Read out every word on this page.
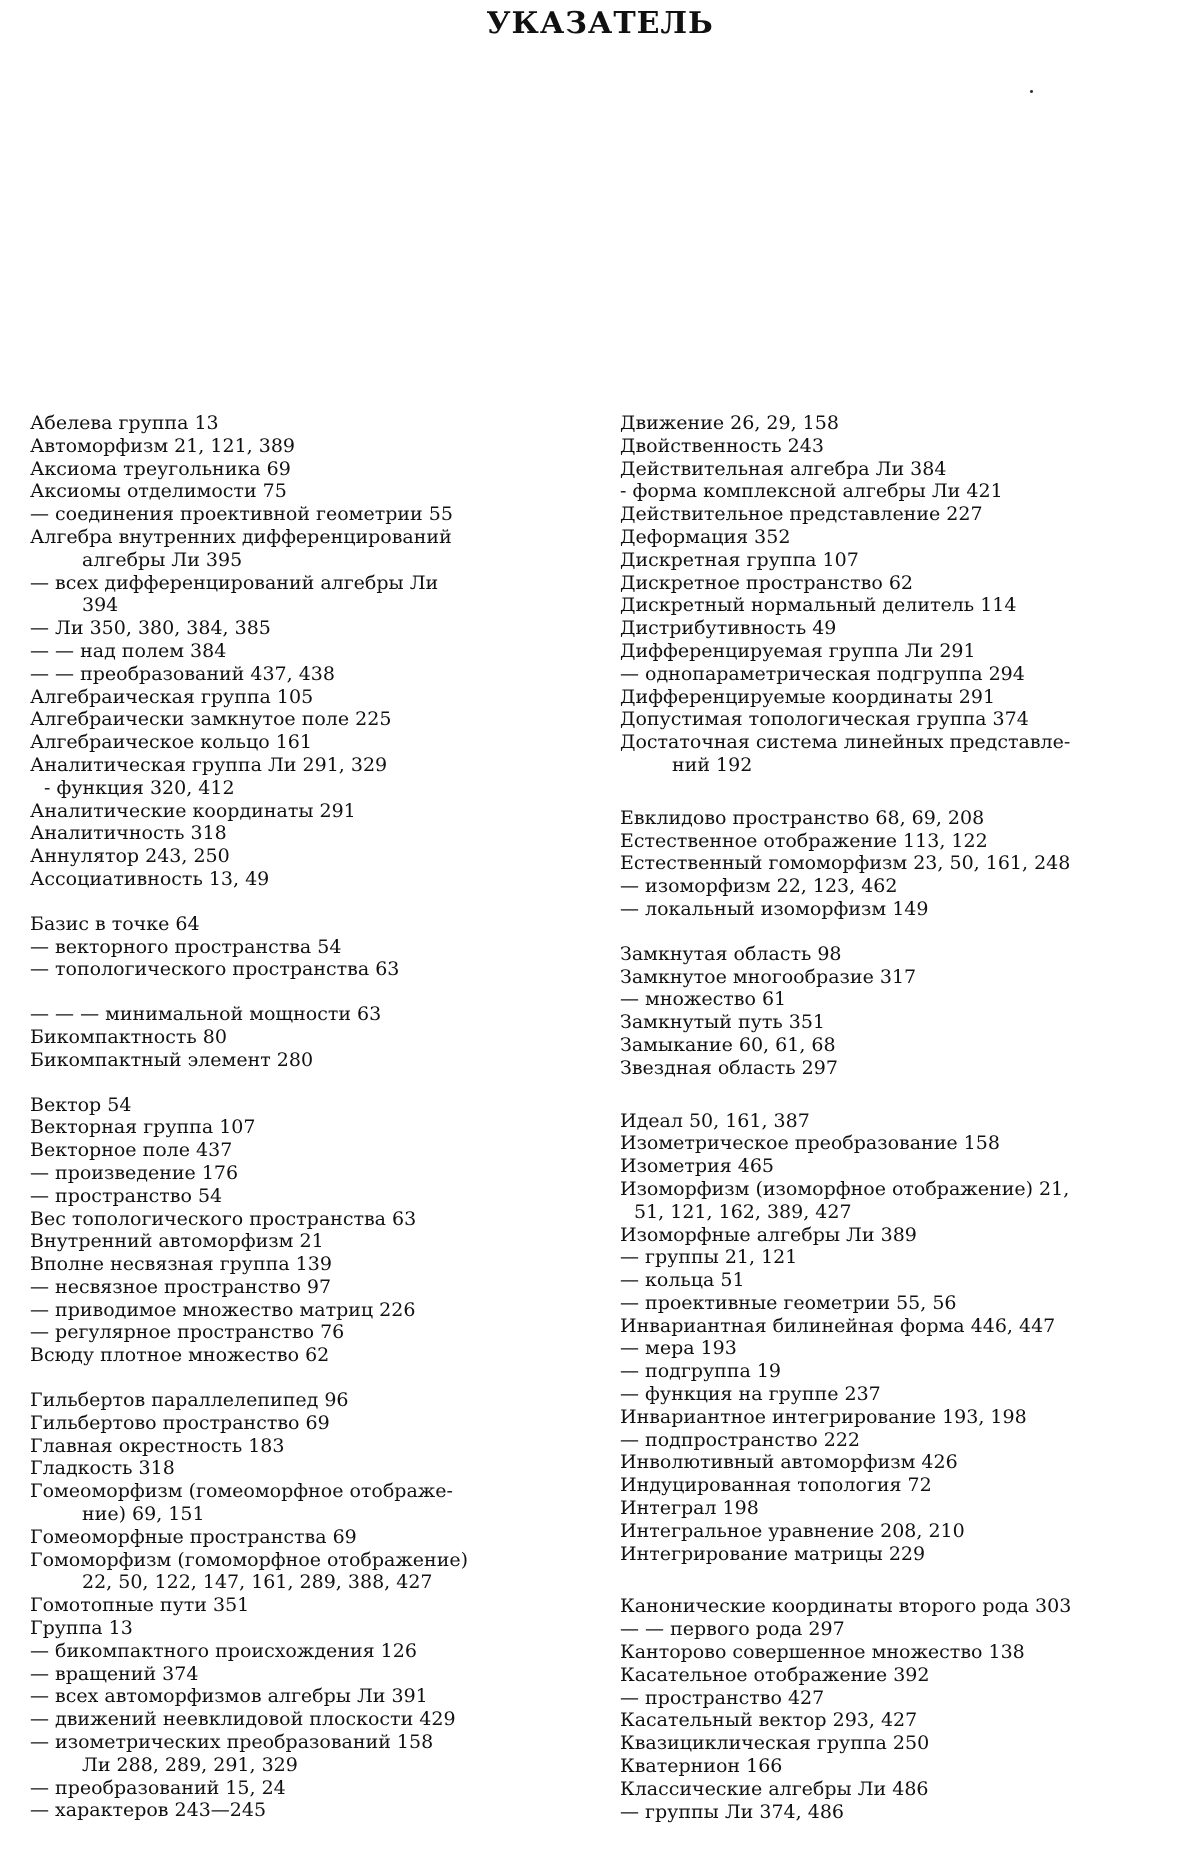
УКАЗАТЕЛЬ
Абелева группа 13
Автоморфизм 21, 121, 389
Аксиома треугольника 69
Аксиомы отделимости 75
— соединения проективной геометрии 55
Алгебра внутренних дифференцирований
алгебры Ли 395
— всех дифференцирований алгебры Ли
394
— Ли 350, 380, 384, 385
— — над полем 384
— — преобразований 437, 438
Алгебраическая группа 105
Алгебраически замкнутое поле 225
Алгебраическое кольцо 161
Аналитическая группа Ли 291, 329
- функция 320, 412
Аналитические координаты 291
Аналитичность 318
Аннулятор 243, 250
Ассоциативность 13, 49
Базис в точке 64
— векторного пространства 54
— топологического пространства 63
— — — минимальной мощности 63
Бикомпактность 80
Бикомпактный элемент 280
Вектор 54
Векторная группа 107
Векторное поле 437
— произведение 176
— пространство 54
Вес топологического пространства 63
Внутренний автоморфизм 21
Вполне несвязная группа 139
— несвязное пространство 97
— приводимое множество матриц 226
— регулярное пространство 76
Всюду плотное множество 62
Гильбертов параллелепипед 96
Гильбертово пространство 69
Главная окрестность 183
Гладкость 318
Гомеоморфизм (гомеоморфное отображе-
ние) 69, 151
Гомеоморфные пространства 69
Гомоморфизм (гомоморфное отображение)
22, 50, 122, 147, 161, 289, 388, 427
Гомотопные пути 351
Группа 13
— бикомпактного происхождения 126
— вращений 374
— всех автоморфизмов алгебры Ли 391
— движений неевклидовой плоскости 429
— изометрических преобразований 158
Ли 288, 289, 291, 329
— преобразований 15, 24
— характеров 243—245
Движение 26, 29, 158
Двойственность 243
Действительная алгебра Ли 384
- форма комплексной алгебры Ли 421
Действительное представление 227
Деформация 352
Дискретная группа 107
Дискретное пространство 62
Дискретный нормальный делитель 114
Дистрибутивность 49
Дифференцируемая группа Ли 291
— однопараметрическая подгруппа 294
Дифференцируемые координаты 291
Допустимая топологическая группа 374
Достаточная система линейных представле-
ний 192
Евклидово пространство 68, 69, 208
Естественное отображение 113, 122
Естественный гомоморфизм 23, 50, 161, 248
— изоморфизм 22, 123, 462
— локальный изоморфизм 149
Замкнутая область 98
Замкнутое многообразие 317
— множество 61
Замкнутый путь 351
Замыкание 60, 61, 68
Звездная область 297
Идеал 50, 161, 387
Изометрическое преобразование 158
Изометрия 465
Изоморфизм (изоморфное отображение) 21,
51, 121, 162, 389, 427
Изоморфные алгебры Ли 389
— группы 21, 121
— кольца 51
— проективные геометрии 55, 56
Инвариантная билинейная форма 446, 447
— мера 193
— подгруппа 19
— функция на группе 237
Инвариантное интегрирование 193, 198
— подпространство 222
Инволютивный автоморфизм 426
Индуцированная топология 72
Интеграл 198
Интегральное уравнение 208, 210
Интегрирование матрицы 229
Канонические координаты второго рода 303
— — первого рода 297
Канторово совершенное множество 138
Касательное отображение 392
— пространство 427
Касательный вектор 293, 427
Квазициклическая группа 250
Кватернион 166
Классические алгебры Ли 486
— группы Ли 374, 486
